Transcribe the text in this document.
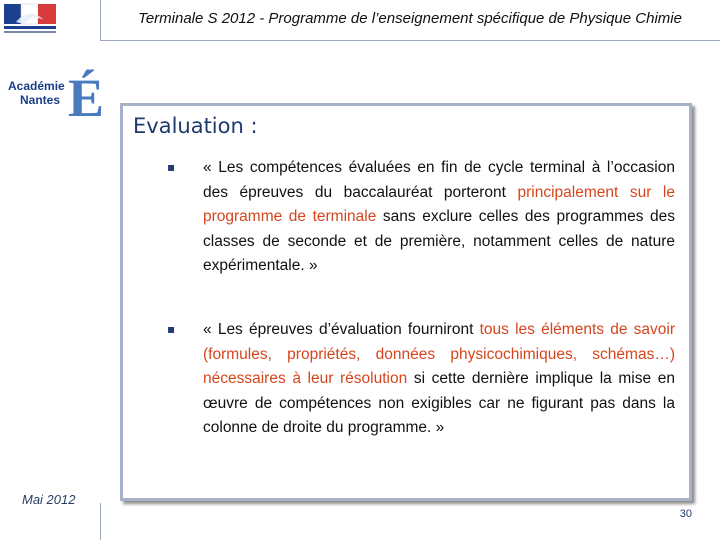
Terminale S 2012 - Programme de l’enseignement spécifique de Physique Chimie
É
Académie
Nantes
Evaluation :
▪ « Les compétences évaluées en fin de cycle terminal à l’occasion des épreuves du baccalauréat porteront principalement sur le programme de terminale sans exclure celles des programmes des classes de seconde et de première, notamment celles de nature expérimentale. »
▪ « Les épreuves d’évaluation fourniront tous les éléments de savoir (formules, propriétés, données physicochimiques, schémas…) nécessaires à leur résolution si cette dernière implique la mise en œuvre de compétences non exigibles car ne figurant pas dans la colonne de droite du programme. »
Mai 2012
30
